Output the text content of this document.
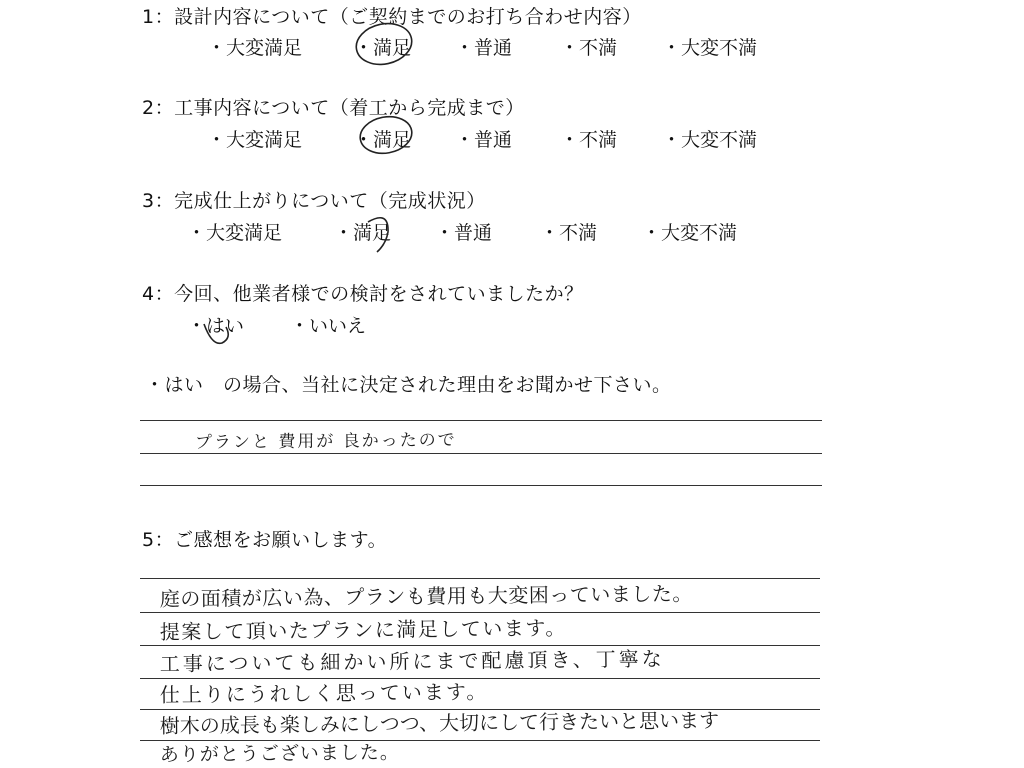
1：設計内容について（ご契約までのお打ち合わせ内容）
・大変満足	・満足 ・普通	・不満 ・大変不満
2：工事内容について（着工から完成まで）
・大変満足	・満足 ・普通	・不満 ・大変不満
3：完成仕上がりについて（完成状況）
・大変満足	・満足 ・普通	・不満 ・大変不満
4：今回、他業者様での検討をされていましたか？
・はい ・いいえ
・はい　の場合、当社に決定された理由をお聞かせ下さい。
プランと 費用が 良かったので
5：ご感想をお願いします。
庭の面積が広い為、プランも費用も大変困っていました。
提案して頂いたプランに満足しています。
工事についても細かい所にまで配慮頂き、丁寧な
仕上りにうれしく思っています。
樹木の成長も楽しみにしつつ、大切にして行きたいと思います
ありがとうございました。
